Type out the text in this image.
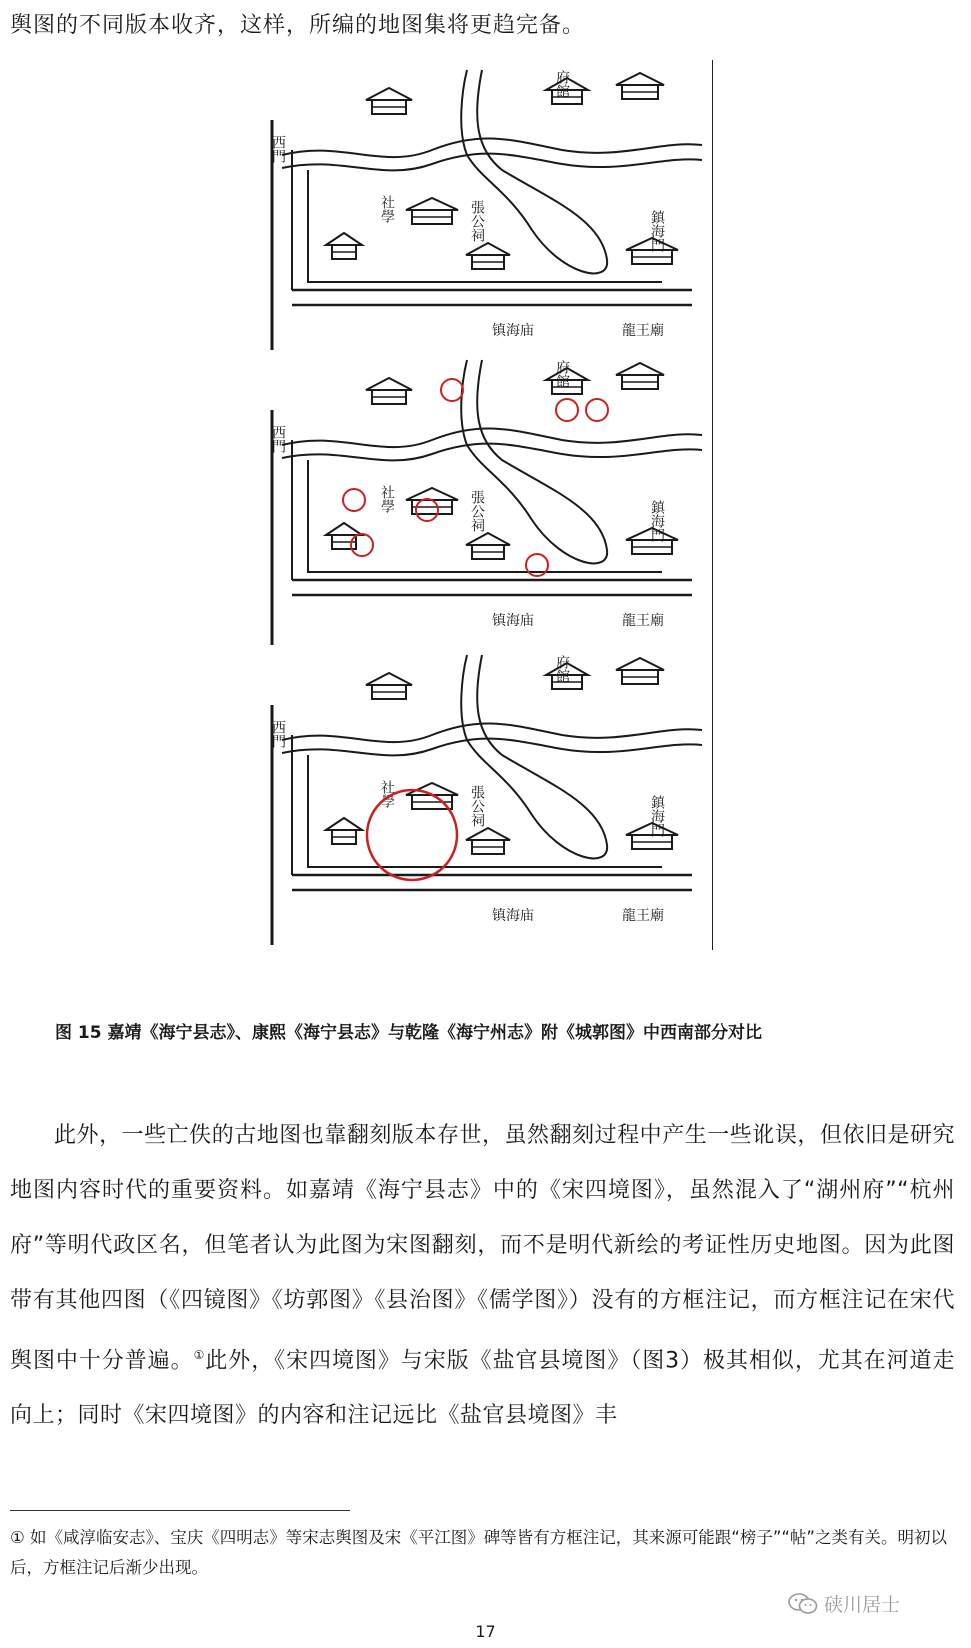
舆图的不同版本收齐，这样，所编的地图集将更趋完备。
西門
镇海庙	龍王廟
鎮海門
府館
社學	張公祠
西門
镇海庙	龍王廟
鎮海門
府館
社學	張公祠
西門
镇海庙	龍王廟
鎮海門
府館
社學	張公祠
图 15 嘉靖《海宁县志》、康熙《海宁县志》与乾隆《海宁州志》附《城郭图》中西南部分对比

此外，一些亡佚的古地图也靠翻刻版本存世，虽然翻刻过程中产生一些讹误，但依旧是研究地图内容时代的重要资料。如嘉靖《海宁县志》中的《宋四境图》，虽然混入了“湖州府”“杭州府”等明代政区名，但笔者认为此图为宋图翻刻，而不是明代新绘的考证性历史地图。因为此图带有其他四图（《四镜图》《坊郭图》《县治图》《儒学图》）没有的方框注记，而方框注记在宋代舆图中十分普遍。①此外，《宋四境图》与宋版《盐官县境图》（图3）极其相似，尤其在河道走向上；同时《宋四境图》的内容和注记远比《盐官县境图》丰

① 如《咸淳临安志》、宝庆《四明志》等宋志舆图及宋《平江图》碑等皆有方框注记，其来源可能跟“榜子”“帖”之类有关。明初以后，方框注记后渐少出现。
硖川居士
17
